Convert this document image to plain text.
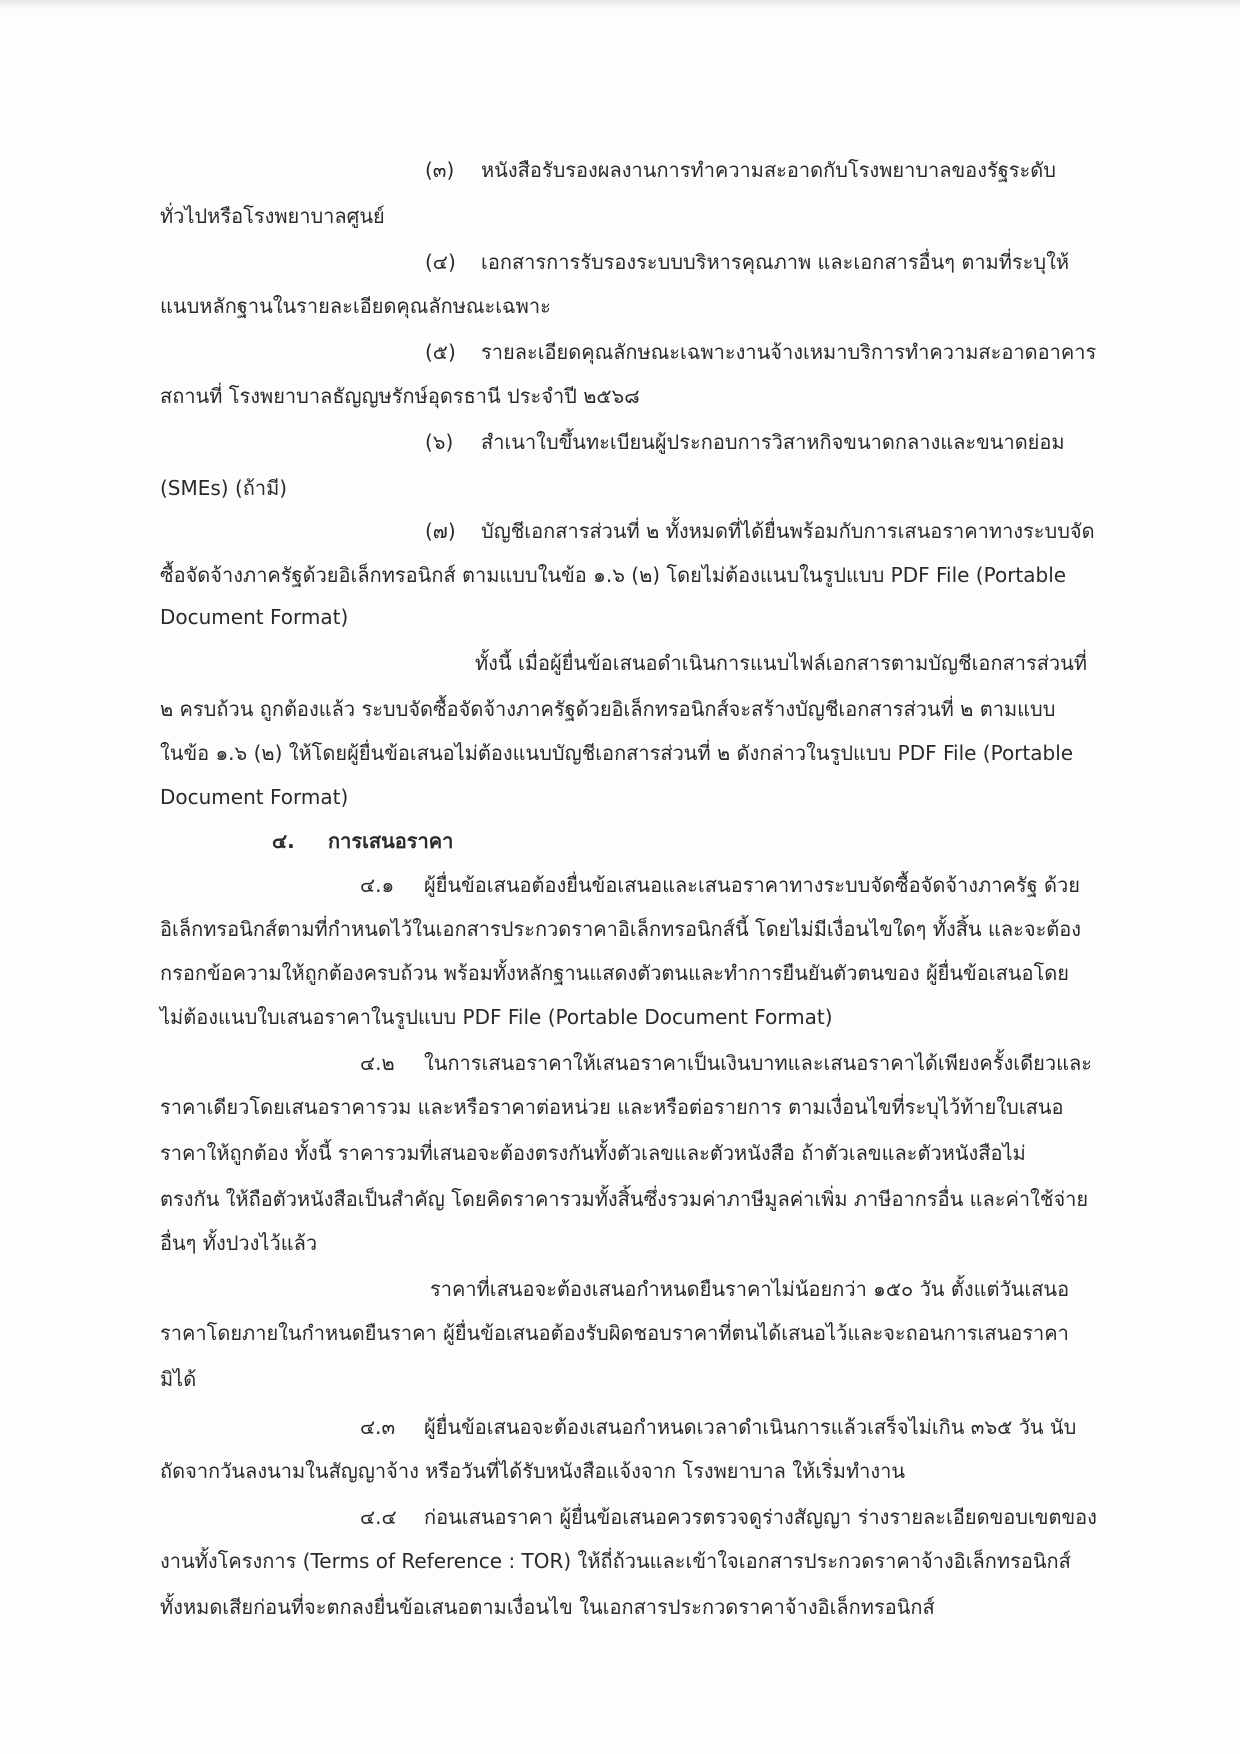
(๓) หนังสือรับรองผลงานการทำความสะอาดกับโรงพยาบาลของรัฐระดับ
ทั่วไปหรือโรงพยาบาลศูนย์
(๔) เอกสารการรับรองระบบบริหารคุณภาพ และเอกสารอื่นๆ ตามที่ระบุให้
แนบหลักฐานในรายละเอียดคุณลักษณะเฉพาะ
(๕) รายละเอียดคุณลักษณะเฉพาะงานจ้างเหมาบริการทำความสะอาดอาคาร
สถานที่ โรงพยาบาลธัญญษรักษ์อุดรธานี ประจำปี ๒๕๖๘
(๖) สำเนาใบขึ้นทะเบียนผู้ประกอบการวิสาหกิจขนาดกลางและขนาดย่อม
(SMEs) (ถ้ามี)
(๗) บัญชีเอกสารส่วนที่ ๒ ทั้งหมดที่ได้ยื่นพร้อมกับการเสนอราคาทางระบบจัด
ซื้อจัดจ้างภาครัฐด้วยอิเล็กทรอนิกส์ ตามแบบในข้อ ๑.๖ (๒) โดยไม่ต้องแนบในรูปแบบ PDF File (Portable
Document Format)
ทั้งนี้ เมื่อผู้ยื่นข้อเสนอดำเนินการแนบไฟล์เอกสารตามบัญชีเอกสารส่วนที่
๒ ครบถ้วน ถูกต้องแล้ว ระบบจัดซื้อจัดจ้างภาครัฐด้วยอิเล็กทรอนิกส์จะสร้างบัญชีเอกสารส่วนที่ ๒ ตามแบบ
ในข้อ ๑.๖ (๒) ให้โดยผู้ยื่นข้อเสนอไม่ต้องแนบบัญชีเอกสารส่วนที่ ๒ ดังกล่าวในรูปแบบ PDF File (Portable
Document Format)
๔. การเสนอราคา
๔.๑ ผู้ยื่นข้อเสนอต้องยื่นข้อเสนอและเสนอราคาทางระบบจัดซื้อจัดจ้างภาครัฐ ด้วย
อิเล็กทรอนิกส์ตามที่กำหนดไว้ในเอกสารประกวดราคาอิเล็กทรอนิกส์นี้ โดยไม่มีเงื่อนไขใดๆ ทั้งสิ้น และจะต้อง
กรอกข้อความให้ถูกต้องครบถ้วน พร้อมทั้งหลักฐานแสดงตัวตนและทำการยืนยันตัวตนของ ผู้ยื่นข้อเสนอโดย
ไม่ต้องแนบใบเสนอราคาในรูปแบบ PDF File (Portable Document Format)
๔.๒ ในการเสนอราคาให้เสนอราคาเป็นเงินบาทและเสนอราคาได้เพียงครั้งเดียวและ
ราคาเดียวโดยเสนอราคารวม และหรือราคาต่อหน่วย และหรือต่อรายการ ตามเงื่อนไขที่ระบุไว้ท้ายใบเสนอ
ราคาให้ถูกต้อง ทั้งนี้ ราคารวมที่เสนอจะต้องตรงกันทั้งตัวเลขและตัวหนังสือ ถ้าตัวเลขและตัวหนังสือไม่
ตรงกัน ให้ถือตัวหนังสือเป็นสำคัญ โดยคิดราคารวมทั้งสิ้นซึ่งรวมค่าภาษีมูลค่าเพิ่ม ภาษีอากรอื่น และค่าใช้จ่าย
อื่นๆ ทั้งปวงไว้แล้ว
ราคาที่เสนอจะต้องเสนอกำหนดยืนราคาไม่น้อยกว่า ๑๕๐ วัน ตั้งแต่วันเสนอ
ราคาโดยภายในกำหนดยืนราคา ผู้ยื่นข้อเสนอต้องรับผิดชอบราคาที่ตนได้เสนอไว้และจะถอนการเสนอราคา
มิได้
๔.๓ ผู้ยื่นข้อเสนอจะต้องเสนอกำหนดเวลาดำเนินการแล้วเสร็จไม่เกิน ๓๖๕ วัน นับ
ถัดจากวันลงนามในสัญญาจ้าง หรือวันที่ได้รับหนังสือแจ้งจาก โรงพยาบาล ให้เริ่มทำงาน
๔.๔ ก่อนเสนอราคา ผู้ยื่นข้อเสนอควรตรวจดูร่างสัญญา ร่างรายละเอียดขอบเขตของ
งานทั้งโครงการ (Terms of Reference : TOR) ให้ถี่ถ้วนและเข้าใจเอกสารประกวดราคาจ้างอิเล็กทรอนิกส์
ทั้งหมดเสียก่อนที่จะตกลงยื่นข้อเสนอตามเงื่อนไข ในเอกสารประกวดราคาจ้างอิเล็กทรอนิกส์
